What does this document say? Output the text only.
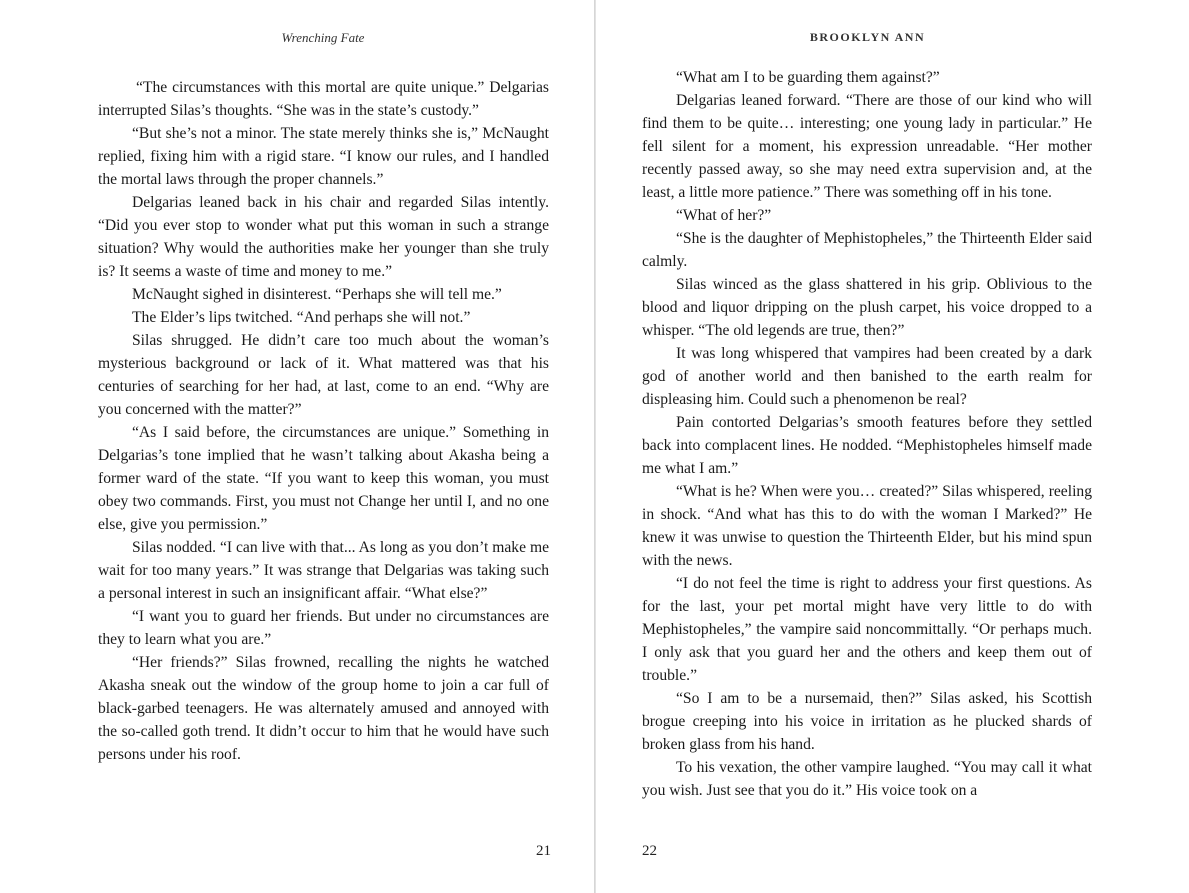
Wrenching Fate

“The circumstances with this mortal are quite unique.” Delgarias interrupted Silas’s thoughts. “She was in the state’s custody.”

“But she’s not a minor. The state merely thinks she is,” McNaught replied, fixing him with a rigid stare. “I know our rules, and I handled the mortal laws through the proper channels.”

Delgarias leaned back in his chair and regarded Silas intently. “Did you ever stop to wonder what put this woman in such a strange situation? Why would the authorities make her younger than she truly is? It seems a waste of time and money to me.”

McNaught sighed in disinterest. “Perhaps she will tell me.”

The Elder’s lips twitched. “And perhaps she will not.”

Silas shrugged. He didn’t care too much about the woman’s mysterious background or lack of it. What mattered was that his centuries of searching for her had, at last, come to an end. “Why are you concerned with the matter?”

“As I said before, the circumstances are unique.” Something in Delgarias’s tone implied that he wasn’t talking about Akasha being a former ward of the state. “If you want to keep this woman, you must obey two commands. First, you must not Change her until I, and no one else, give you permission.”

Silas nodded. “I can live with that... As long as you don’t make me wait for too many years.” It was strange that Delgarias was taking such a personal interest in such an insignificant affair. “What else?”

“I want you to guard her friends. But under no circumstances are they to learn what you are.”

“Her friends?” Silas frowned, recalling the nights he watched Akasha sneak out the window of the group home to join a car full of black-garbed teenagers. He was alternately amused and annoyed with the so-called goth trend. It didn’t occur to him that he would have such persons under his roof.

21
BROOKLYN ANN

“What am I to be guarding them against?”

Delgarias leaned forward. “There are those of our kind who will find them to be quite… interesting; one young lady in particular.” He fell silent for a moment, his expression unreadable. “Her mother recently passed away, so she may need extra supervision and, at the least, a little more patience.” There was something off in his tone.

“What of her?”

“She is the daughter of Mephistopheles,” the Thirteenth Elder said calmly.

Silas winced as the glass shattered in his grip. Oblivious to the blood and liquor dripping on the plush carpet, his voice dropped to a whisper. “The old legends are true, then?”

It was long whispered that vampires had been created by a dark god of another world and then banished to the earth realm for displeasing him. Could such a phenomenon be real?

Pain contorted Delgarias’s smooth features before they settled back into complacent lines. He nodded. “Mephistopheles himself made me what I am.”

“What is he? When were you… created?” Silas whispered, reeling in shock. “And what has this to do with the woman I Marked?” He knew it was unwise to question the Thirteenth Elder, but his mind spun with the news.

“I do not feel the time is right to address your first questions. As for the last, your pet mortal might have very little to do with Mephistopheles,” the vampire said noncommittally. “Or perhaps much. I only ask that you guard her and the others and keep them out of trouble.”

“So I am to be a nursemaid, then?” Silas asked, his Scottish brogue creeping into his voice in irritation as he plucked shards of broken glass from his hand.

To his vexation, the other vampire laughed. “You may call it what you wish. Just see that you do it.” His voice took on a

22
